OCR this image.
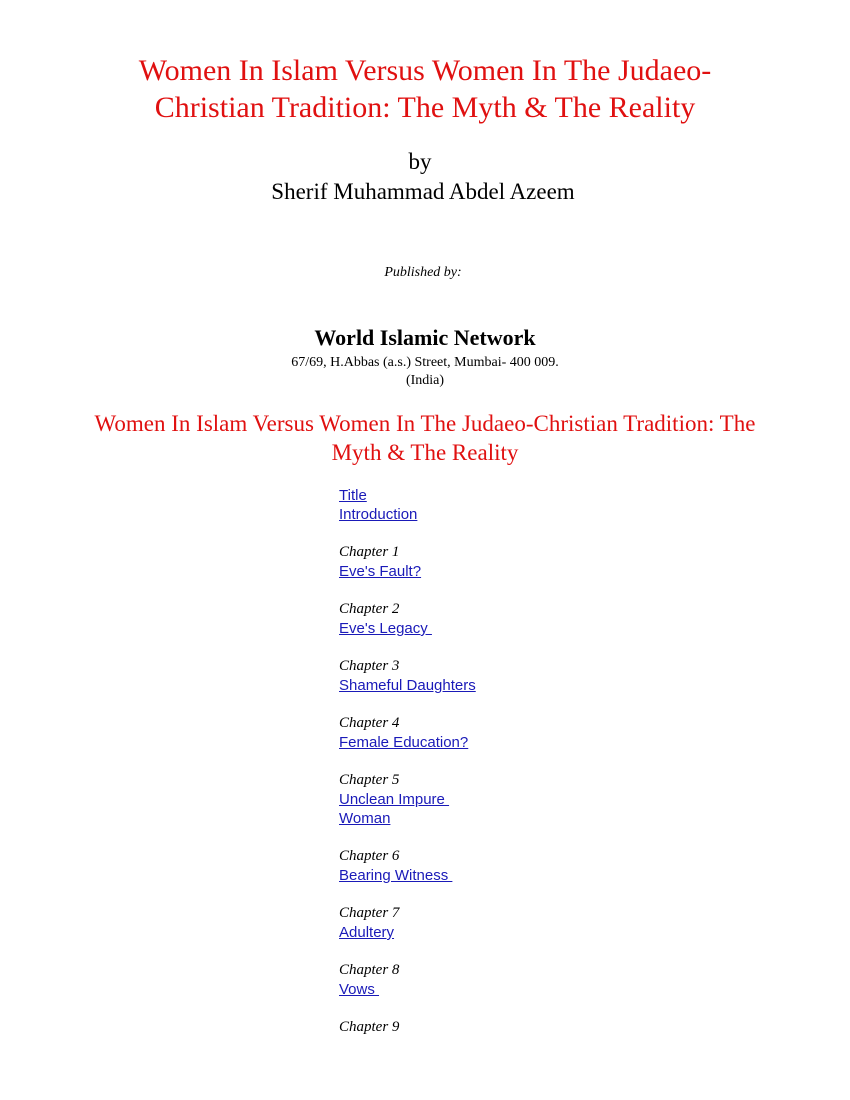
Women In Islam Versus Women In The Judaeo-
Christian Tradition: The Myth & The Reality
by
Sherif Muhammad Abdel Azeem
Published by:
World Islamic Network
67/69, H.Abbas (a.s.) Street, Mumbai- 400 009.
(India)
Women In Islam Versus Women In The Judaeo-Christian Tradition: The
Myth & The Reality
Title
Introduction
Chapter 1
Eve's Fault?
Chapter 2
Eve's Legacy
Chapter 3
Shameful Daughters
Chapter 4
Female Education?
Chapter 5
Unclean Impure
Woman
Chapter 6
Bearing Witness
Chapter 7
Adultery
Chapter 8
Vows
Chapter 9
